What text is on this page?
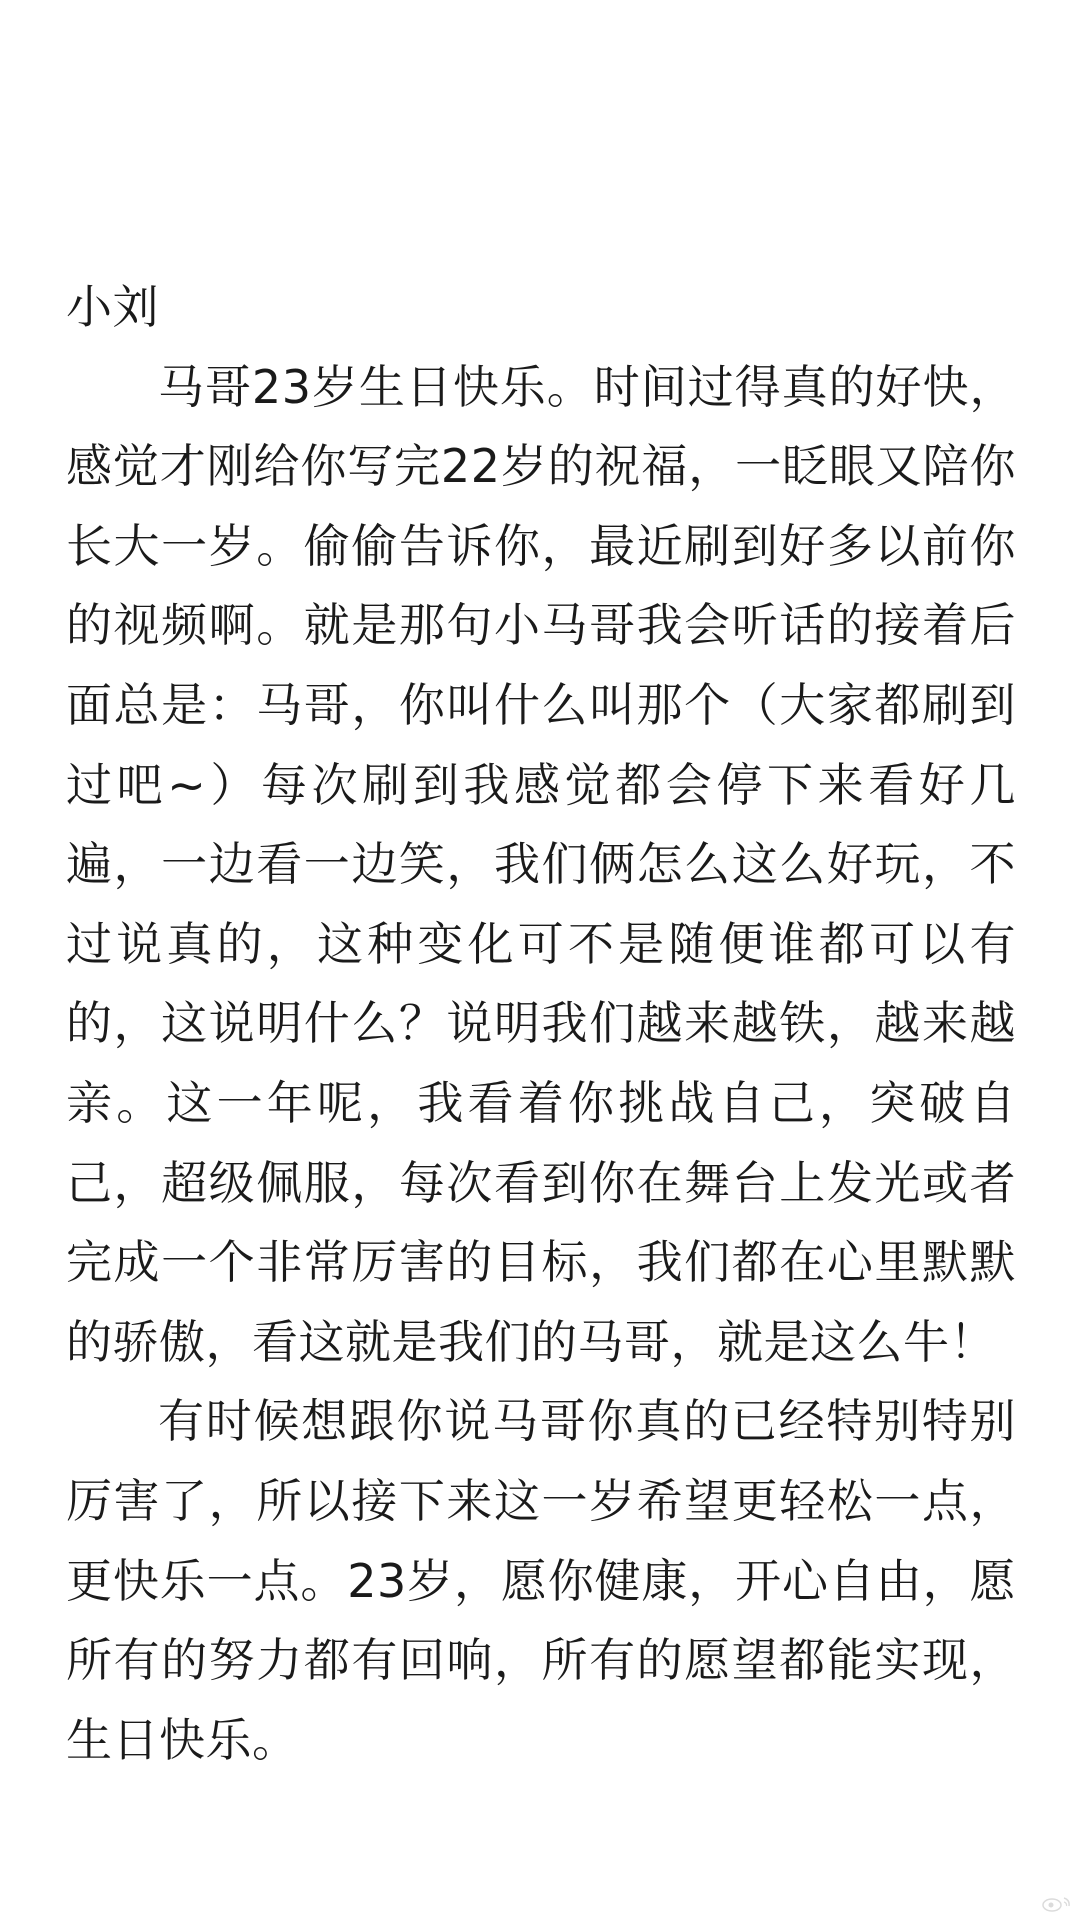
小刘

马哥23岁生日快乐。时间过得真的好快，感觉才刚给你写完22岁的祝福，一眨眼又陪你长大一岁。偷偷告诉你，最近刷到好多以前你的视频啊。就是那句小马哥我会听话的接着后面总是：马哥，你叫什么叫那个（大家都刷到过吧~）每次刷到我感觉都会停下来看好几遍，一边看一边笑，我们俩怎么这么好玩，不过说真的，这种变化可不是随便谁都可以有的，这说明什么？说明我们越来越铁，越来越亲。这一年呢，我看着你挑战自己，突破自己，超级佩服，每次看到你在舞台上发光或者完成一个非常厉害的目标，我们都在心里默默的骄傲，看这就是我们的马哥，就是这么牛！

有时候想跟你说马哥你真的已经特别特别厉害了，所以接下来这一岁希望更轻松一点，更快乐一点。23岁，愿你健康，开心自由，愿所有的努力都有回响，所有的愿望都能实现，生日快乐。
